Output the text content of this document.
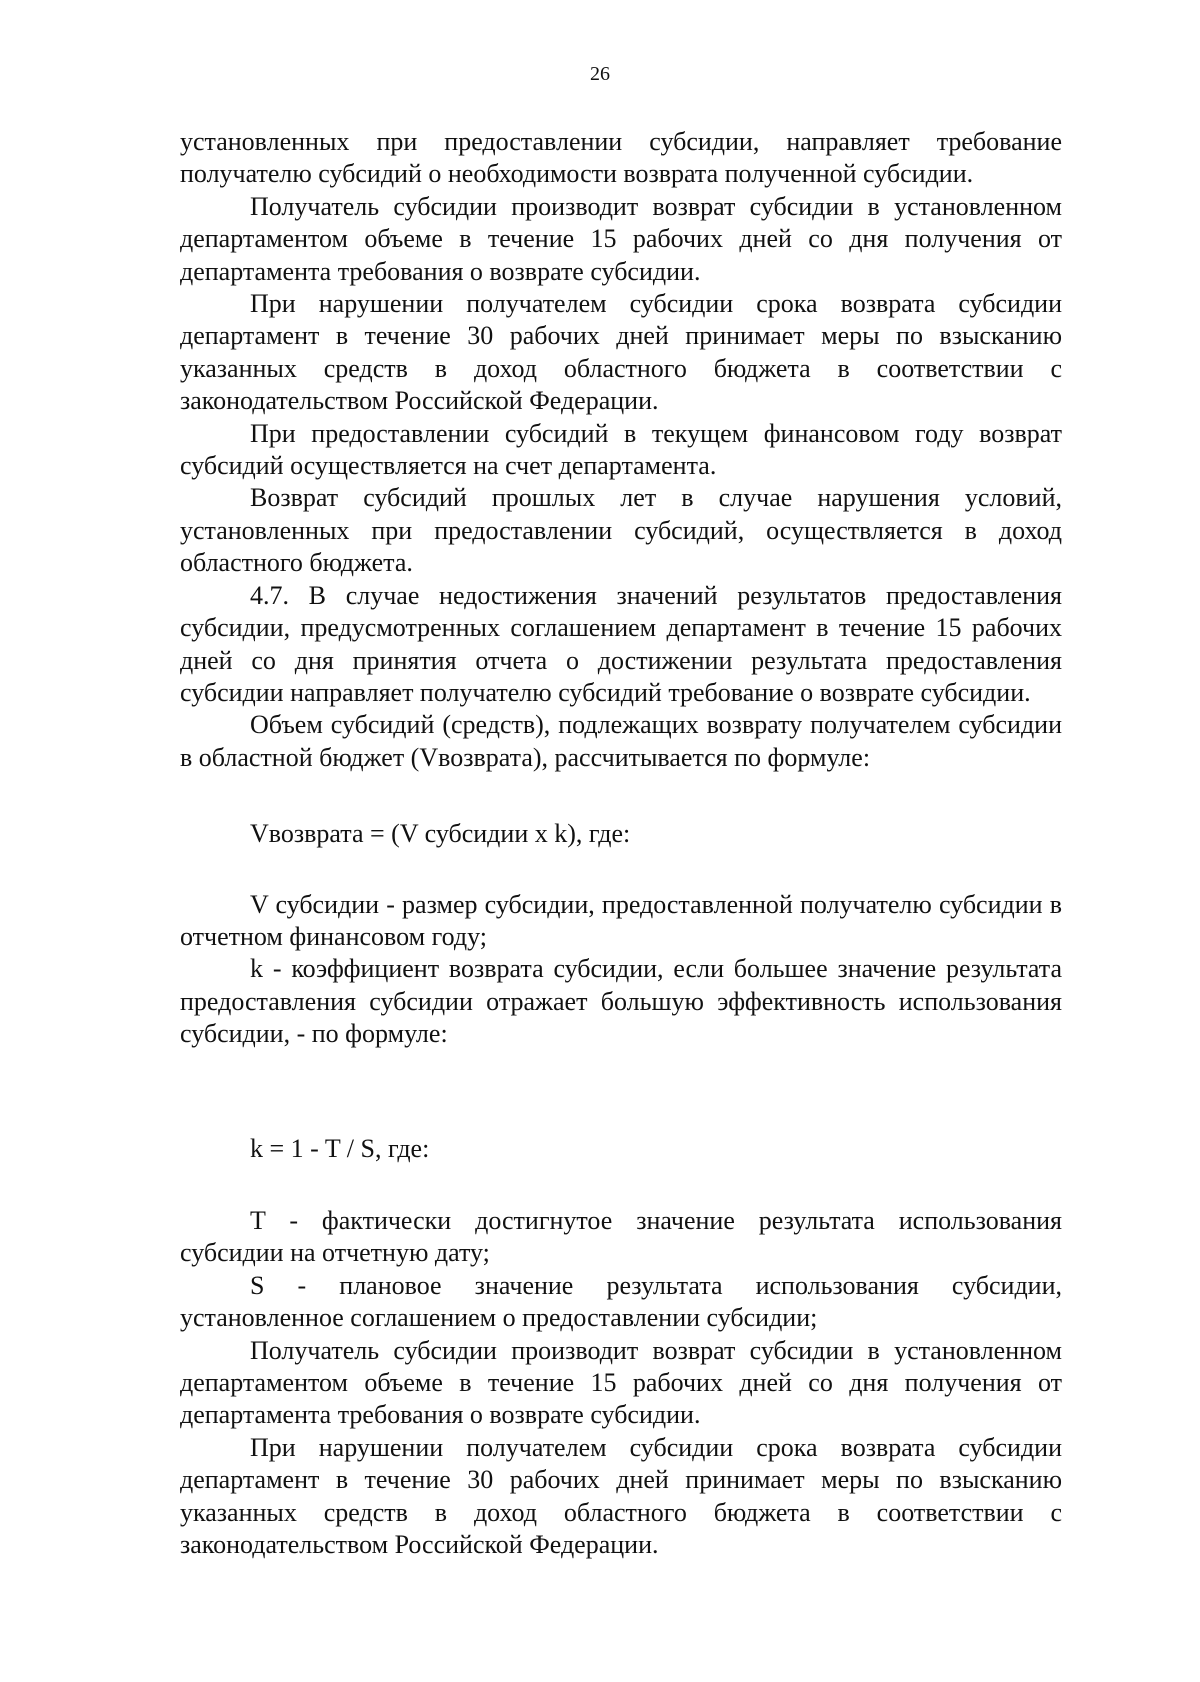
26

установленных при предоставлении субсидии, направляет требование получателю субсидий о необходимости возврата полученной субсидии.

Получатель субсидии производит возврат субсидии в установленном департаментом объеме в течение 15 рабочих дней со дня получения от департамента требования о возврате субсидии.

При нарушении получателем субсидии срока возврата субсидии департамент в течение 30 рабочих дней принимает меры по взысканию указанных средств в доход областного бюджета в соответствии с законодательством Российской Федерации.

При предоставлении субсидий в текущем финансовом году возврат субсидий осуществляется на счет департамента.

Возврат субсидий прошлых лет в случае нарушения условий, установленных при предоставлении субсидий, осуществляется в доход областного бюджета.

4.7. В случае недостижения значений результатов предоставления субсидии, предусмотренных соглашением департамент в течение 15 рабочих дней со дня принятия отчета о достижении результата предоставления субсидии направляет получателю субсидий требование о возврате субсидии.

Объем субсидий (средств), подлежащих возврату получателем субсидии в областной бюджет (Vвозврата), рассчитывается по формуле:

Vвозврата = (V субсидии x k), где:

V субсидии - размер субсидии, предоставленной получателю субсидии в отчетном финансовом году;

k - коэффициент возврата субсидии, если большее значение результата предоставления субсидии отражает большую эффективность использования субсидии, - по формуле:

k = 1 - T / S, где:

T - фактически достигнутое значение результата использования субсидии на отчетную дату;

S - плановое значение результата использования субсидии, установленное соглашением о предоставлении субсидии;

Получатель субсидии производит возврат субсидии в установленном департаментом объеме в течение 15 рабочих дней со дня получения от департамента требования о возврате субсидии.

При нарушении получателем субсидии срока возврата субсидии департамент в течение 30 рабочих дней принимает меры по взысканию указанных средств в доход областного бюджета в соответствии с законодательством Российской Федерации.
